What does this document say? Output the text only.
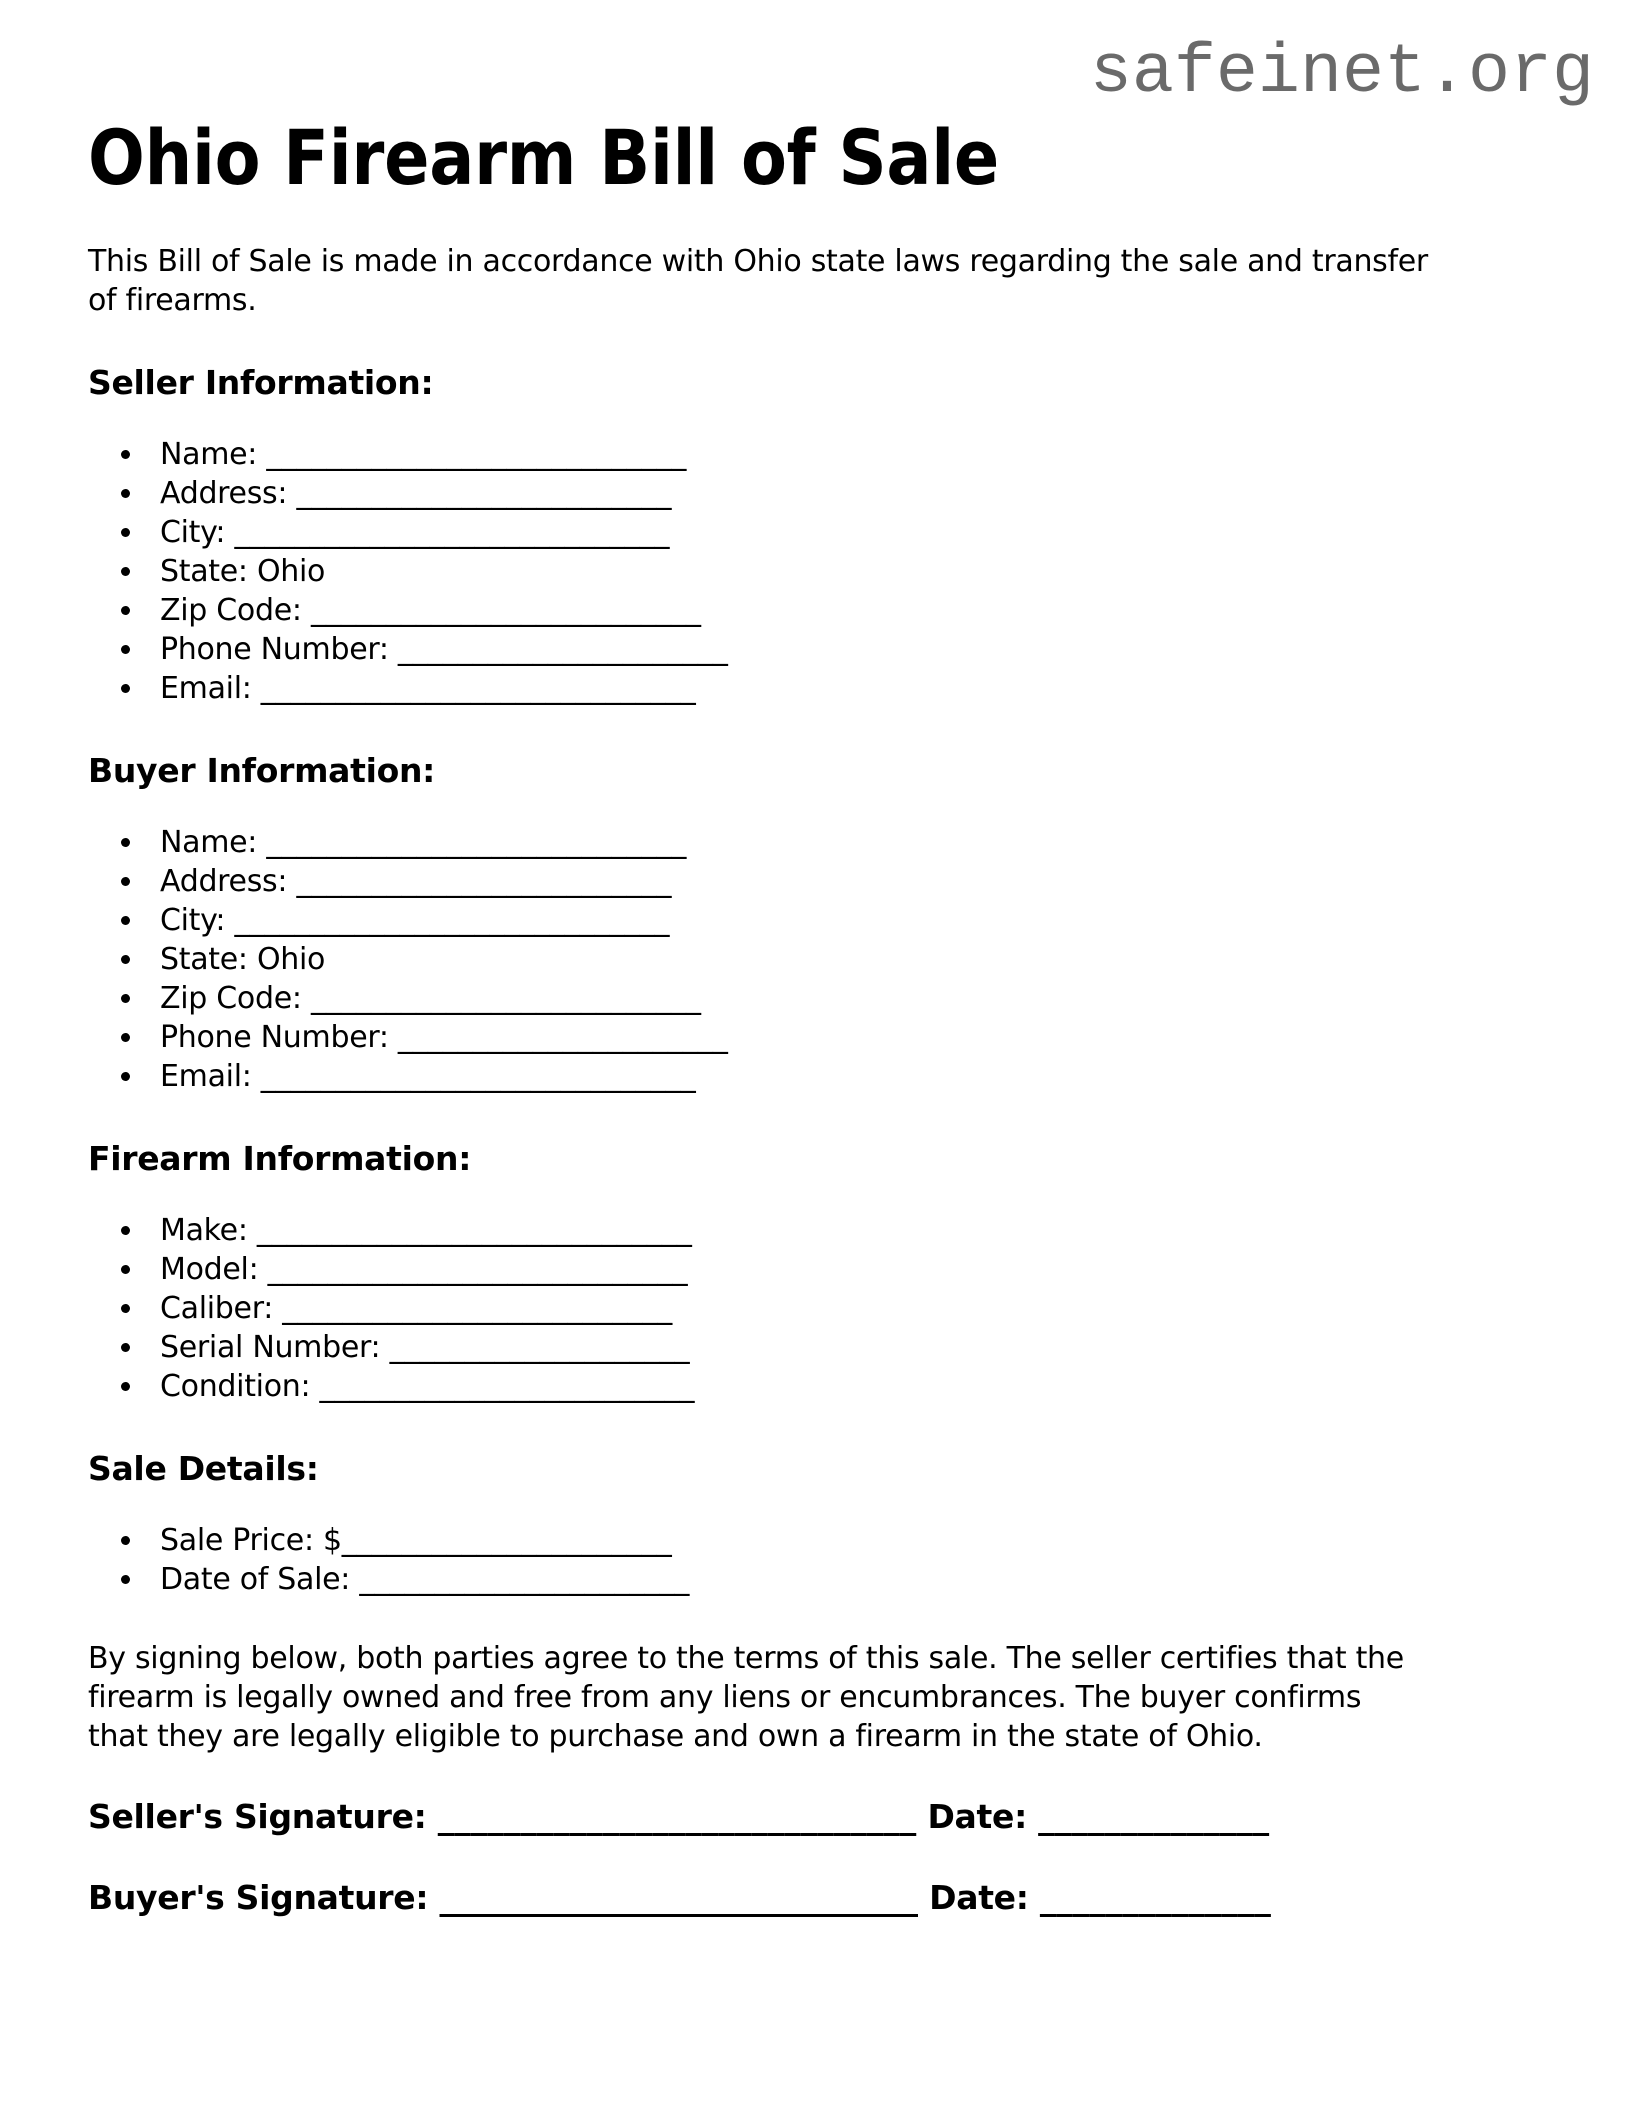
safeinet.org
Ohio Firearm Bill of Sale
This Bill of Sale is made in accordance with Ohio state laws regarding the sale and transfer
of firearms.
Seller Information:
• Name: ____________________________
• Address: _________________________
• City: _____________________________
• State: Ohio
• Zip Code: __________________________
• Phone Number: ______________________
• Email: _____________________________
Buyer Information:
• Name: ____________________________
• Address: _________________________
• City: _____________________________
• State: Ohio
• Zip Code: __________________________
• Phone Number: ______________________
• Email: _____________________________
Firearm Information:
• Make: _____________________________
• Model: ____________________________
• Caliber: __________________________
• Serial Number: ____________________
• Condition: _________________________
Sale Details:
• Sale Price: $______________________
• Date of Sale: ______________________
By signing below, both parties agree to the terms of this sale. The seller certifies that the
firearm is legally owned and free from any liens or encumbrances. The buyer confirms
that they are legally eligible to purchase and own a firearm in the state of Ohio.
Seller's Signature: _____________________________ Date: ______________
Buyer's Signature: _____________________________ Date: ______________
